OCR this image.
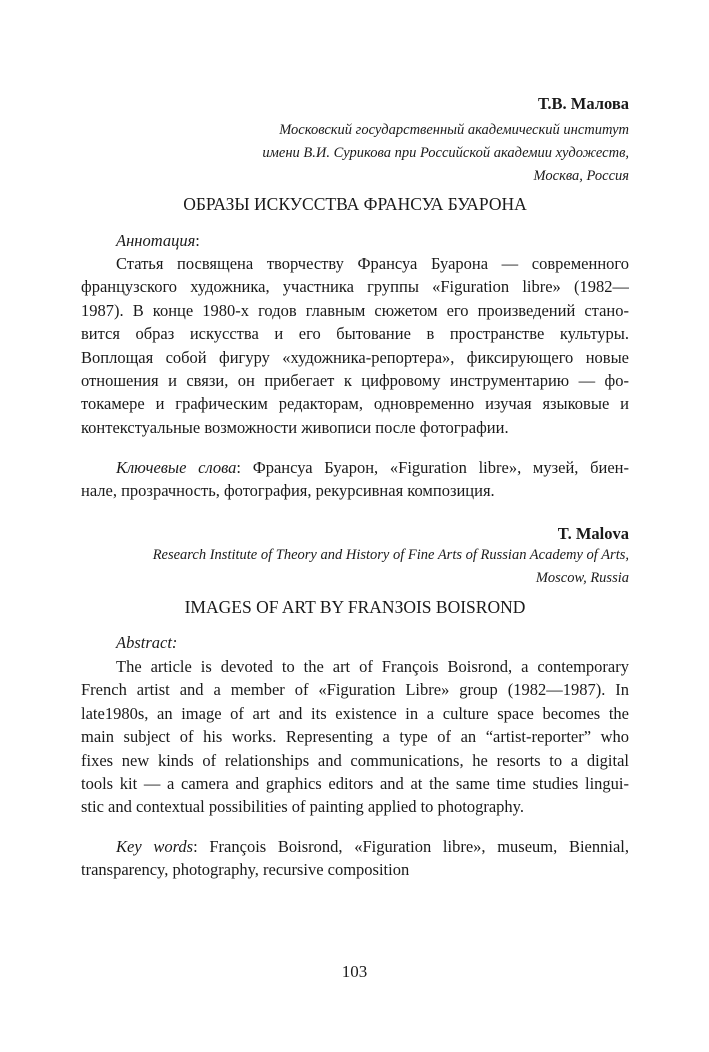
Т.В. Малова
Московский государственный академический институт
имени В.И. Сурикова при Российской академии художеств,
Москва, Россия
ОБРАЗЫ ИСКУССТВА ФРАНСУА БУАРОНА
Аннотация:
Статья посвящена творчеству Франсуа Буарона — современного
французского художника, участника группы «Figuration libre» (1982—
1987). В конце 1980-х годов главным сюжетом его произведений стано-
вится образ искусства и его бытование в пространстве культуры.
Воплощая собой фигуру «художника-репортера», фиксирующего новые
отношения и связи, он прибегает к цифровому инструментарию — фо-
токамере и графическим редакторам, одновременно изучая языковые и
контекстуальные возможности живописи после фотографии.
Ключевые слова: Франсуа Буарон, «Figuration libre», музей, биен-
нале, прозрачность, фотография, рекурсивная композиция.
T. Malova
Research Institute of Theory and History of Fine Arts of Russian Academy of Arts,
Moscow, Russia
IMAGES OF ART BY FRANЗOIS BOISROND
Abstract:
The article is devoted to the art of François Boisrond, a contemporary
French artist and a member of «Figuration Libre» group (1982—1987). In
late1980s, an image of art and its existence in a culture space becomes the
main subject of his works. Representing a type of an “artist-reporter” who
fixes new kinds of relationships and communications, he resorts to a digital
tools kit — a camera and graphics editors and at the same time studies lingui-
stic and contextual possibilities of painting applied to photography.
Key words: François Boisrond, «Figuration libre», museum, Biennial,
transparency, photography, recursive composition
103
